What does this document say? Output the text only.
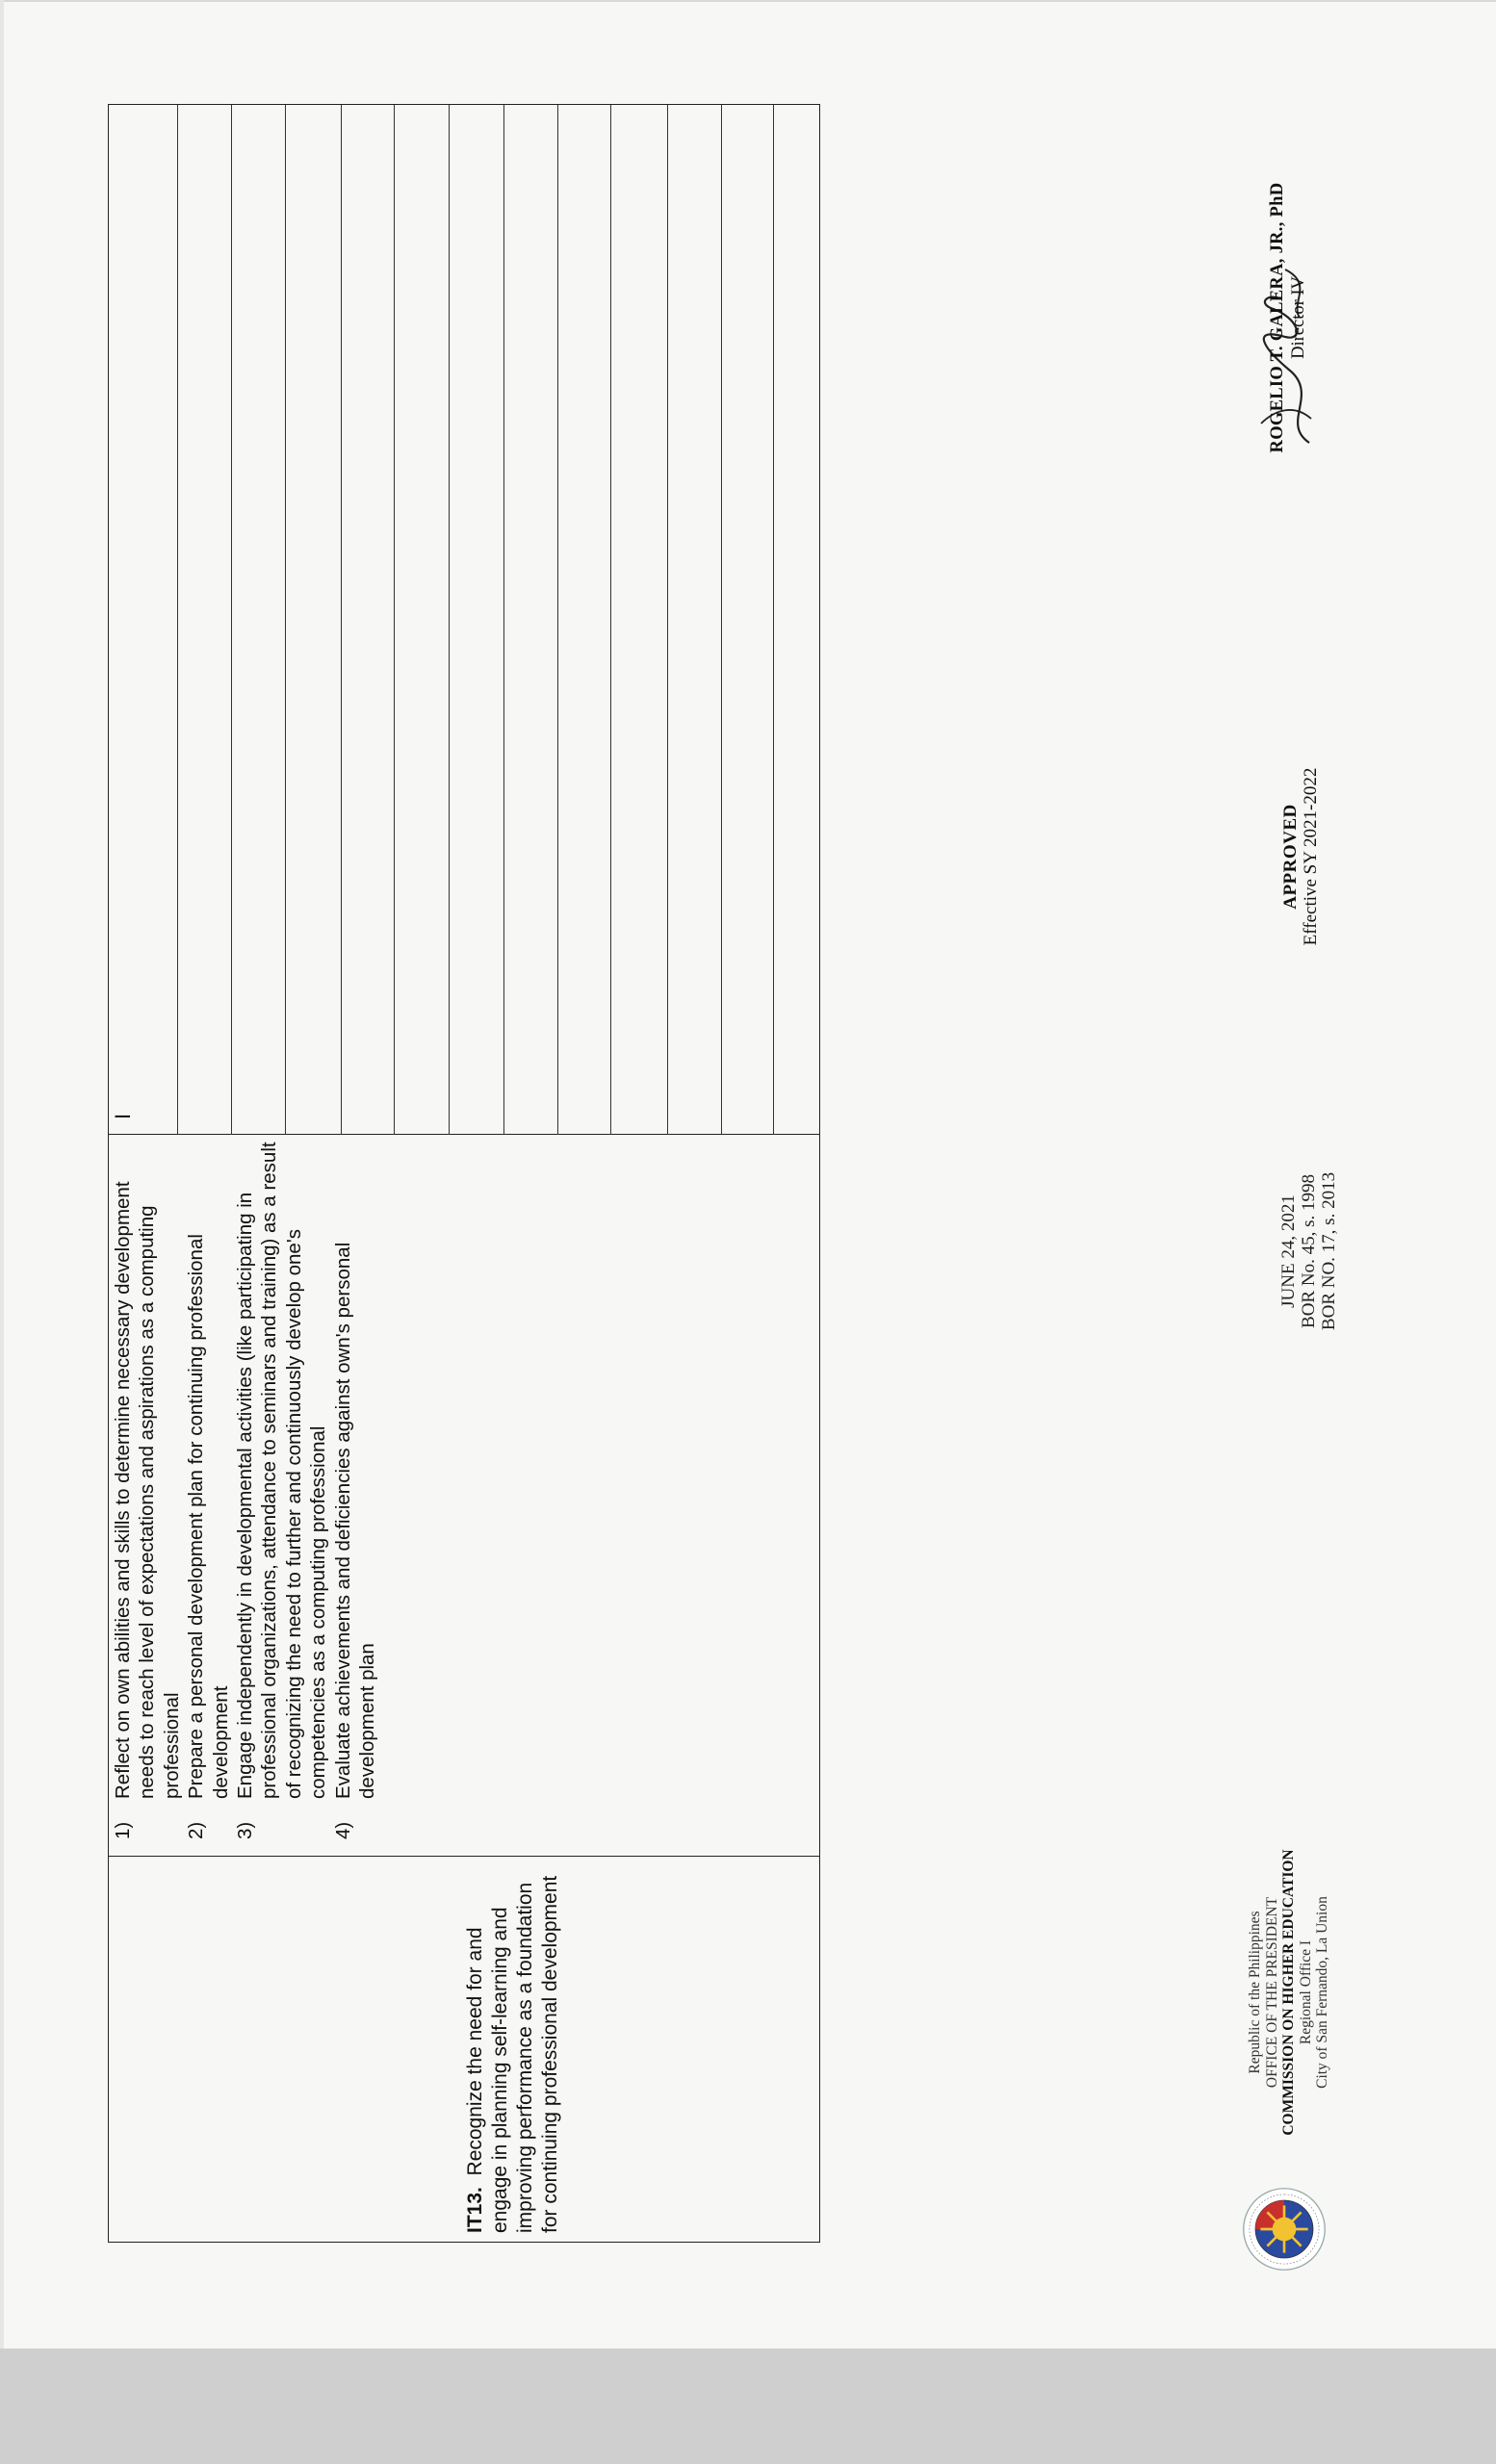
IT13.  Recognize the need for and engage in planning self-learning and improving performance as a foundation for continuing professional development
1)
Reflect on own abilities and skills to determine necessary development needs to reach level of expectations and aspirations as a computing professional
2)
Prepare a personal development plan for continuing professional development
3)
Engage independently in developmental activities (like participating in professional organizations, attendance to seminars and training) as a result of recognizing the need to further and continuously develop one's competencies as a computing professional
4)
Evaluate achievements and deficiencies against own's personal development plan
I
Republic of the Philippines OFFICE OF THE PRESIDENT COMMISSION ON HIGHER EDUCATION Regional Office I City of San Fernando, La Union
JUNE 24, 2021 BOR No. 45, s. 1998 BOR NO. 17, s. 2013
APPROVED Effective SY 2021-2022
ROGELIO T. GALERA, JR., PhD Director IV
